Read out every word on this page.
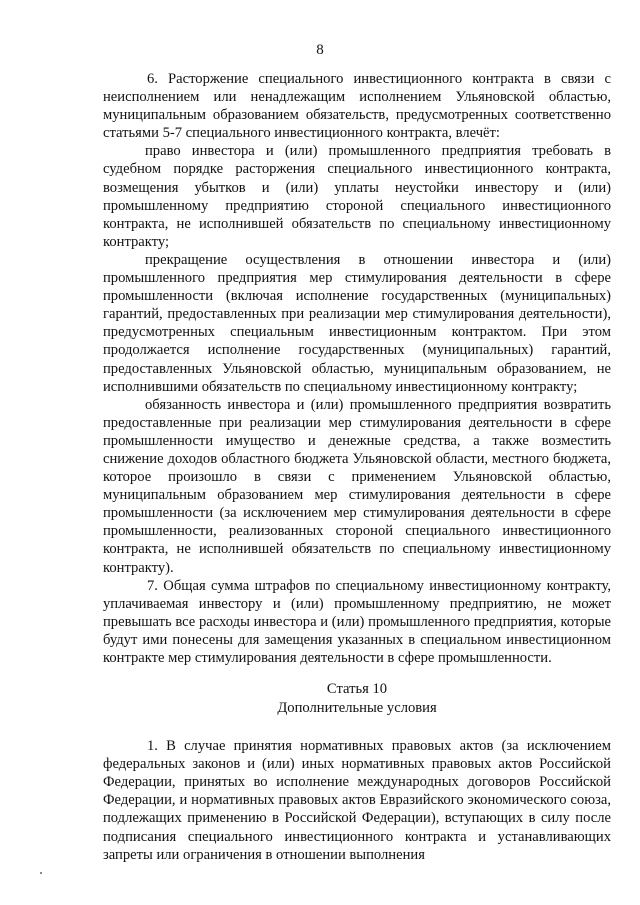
8

6. Расторжение специального инвестиционного контракта в связи с неисполнением или ненадлежащим исполнением Ульяновской областью, муниципальным образованием обязательств, предусмотренных соответственно статьями 5-7 специального инвестиционного контракта, влечёт:

право инвестора и (или) промышленного предприятия требовать в судебном порядке расторжения специального инвестиционного контракта, возмещения убытков и (или) уплаты неустойки инвестору и (или) промышленному предприятию стороной специального инвестиционного контракта, не исполнившей обязательств по специальному инвестиционному контракту;

прекращение осуществления в отношении инвестора и (или) промышленного предприятия мер стимулирования деятельности в сфере промышленности (включая исполнение государственных (муниципальных) гарантий, предоставленных при реализации мер стимулирования деятельности), предусмотренных специальным инвестиционным контрактом. При этом продолжается исполнение государственных (муниципальных) гарантий, предоставленных Ульяновской областью, муниципальным образованием, не исполнившими обязательств по специальному инвестиционному контракту;

обязанность инвестора и (или) промышленного предприятия возвратить предоставленные при реализации мер стимулирования деятельности в сфере промышленности имущество и денежные средства, а также возместить снижение доходов областного бюджета Ульяновской области, местного бюджета, которое произошло в связи с применением Ульяновской областью, муниципальным образованием мер стимулирования деятельности в сфере промышленности (за исключением мер стимулирования деятельности в сфере промышленности, реализованных стороной специального инвестиционного контракта, не исполнившей обязательств по специальному инвестиционному контракту).

7. Общая сумма штрафов по специальному инвестиционному контракту, уплачиваемая инвестору и (или) промышленному предприятию, не может превышать все расходы инвестора и (или) промышленного предприятия, которые будут ими понесены для замещения указанных в специальном инвестиционном контракте мер стимулирования деятельности в сфере промышленности.

Статья 10
Дополнительные условия

1. В случае принятия нормативных правовых актов (за исключением федеральных законов и (или) иных нормативных правовых актов Российской Федерации, принятых во исполнение международных договоров Российской Федерации, и нормативных правовых актов Евразийского экономического союза, подлежащих применению в Российской Федерации), вступающих в силу после подписания специального инвестиционного контракта и устанавливающих запреты или ограничения в отношении выполнения
